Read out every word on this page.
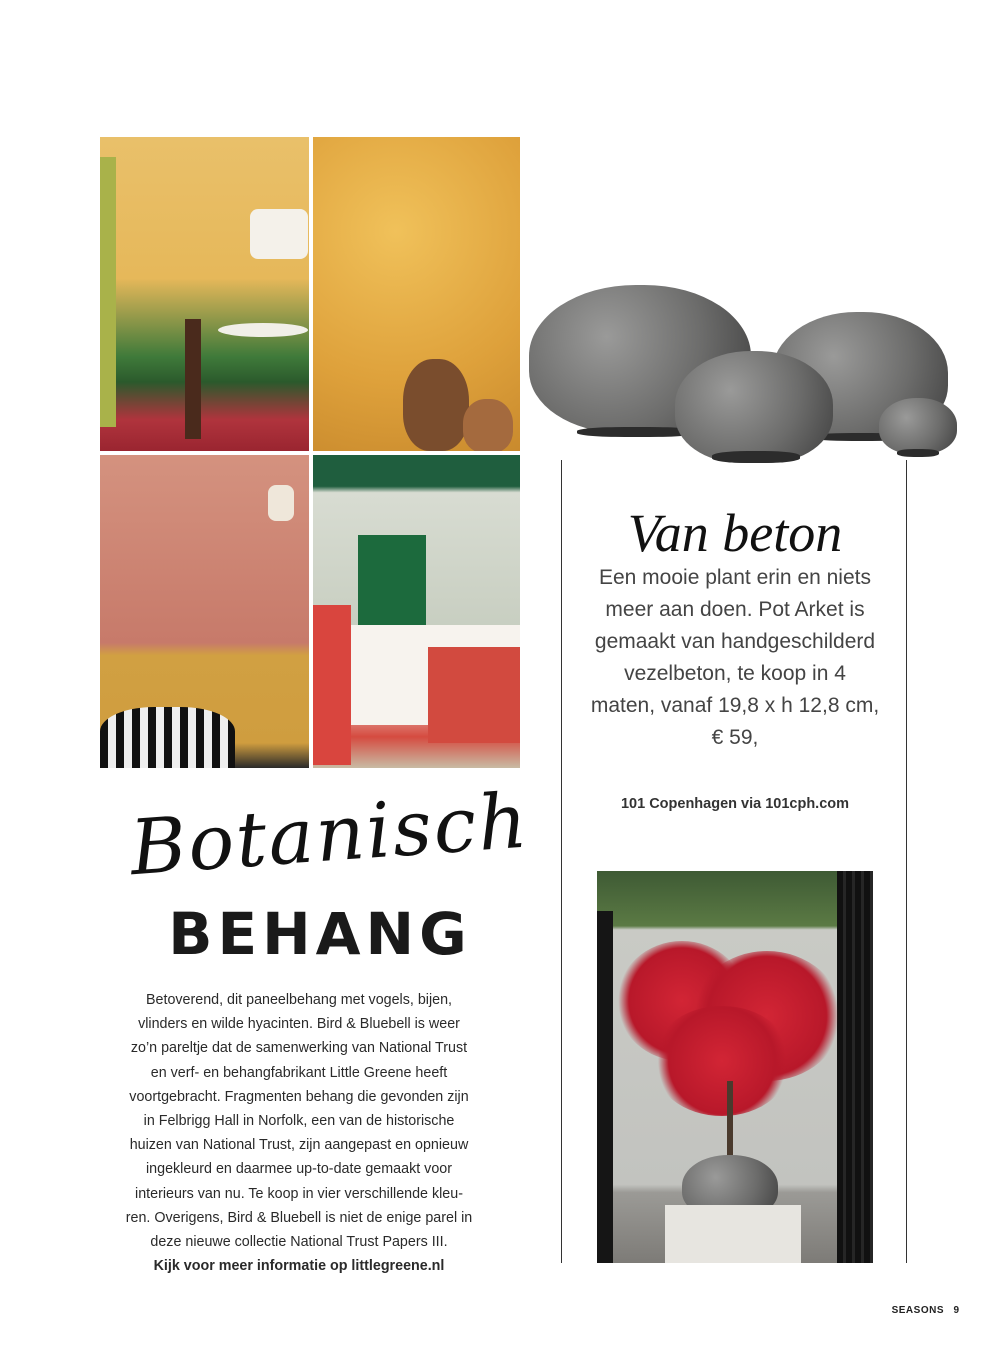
Van beton
Een mooie plant erin en niets meer aan doen. Pot Arket is gemaakt van handgeschilderd vezelbeton, te koop in 4 maten, vanaf 19,8 x h 12,8 cm, € 59,
101 Copenhagen via 101cph.com
Botanisch
BEHANG
Betoverend, dit paneelbehang met vogels, bijen, vlinders en wilde hyacinten. Bird & Bluebell is weer zo’n pareltje dat de samenwerking van National Trust en verf- en behangfabrikant Little Greene heeft voortgebracht. Fragmenten behang die gevonden zijn in Felbrigg Hall in Norfolk, een van de historische huizen van National Trust, zijn aangepast en opnieuw ingekleurd en daarmee up-to-date gemaakt voor interieurs van nu. Te koop in vier verschillende kleu-ren. Overigens, Bird & Bluebell is niet de enige parel in deze nieuwe collectie National Trust Papers III.
Kijk voor meer informatie op littlegreene.nl
SEASONS 9
